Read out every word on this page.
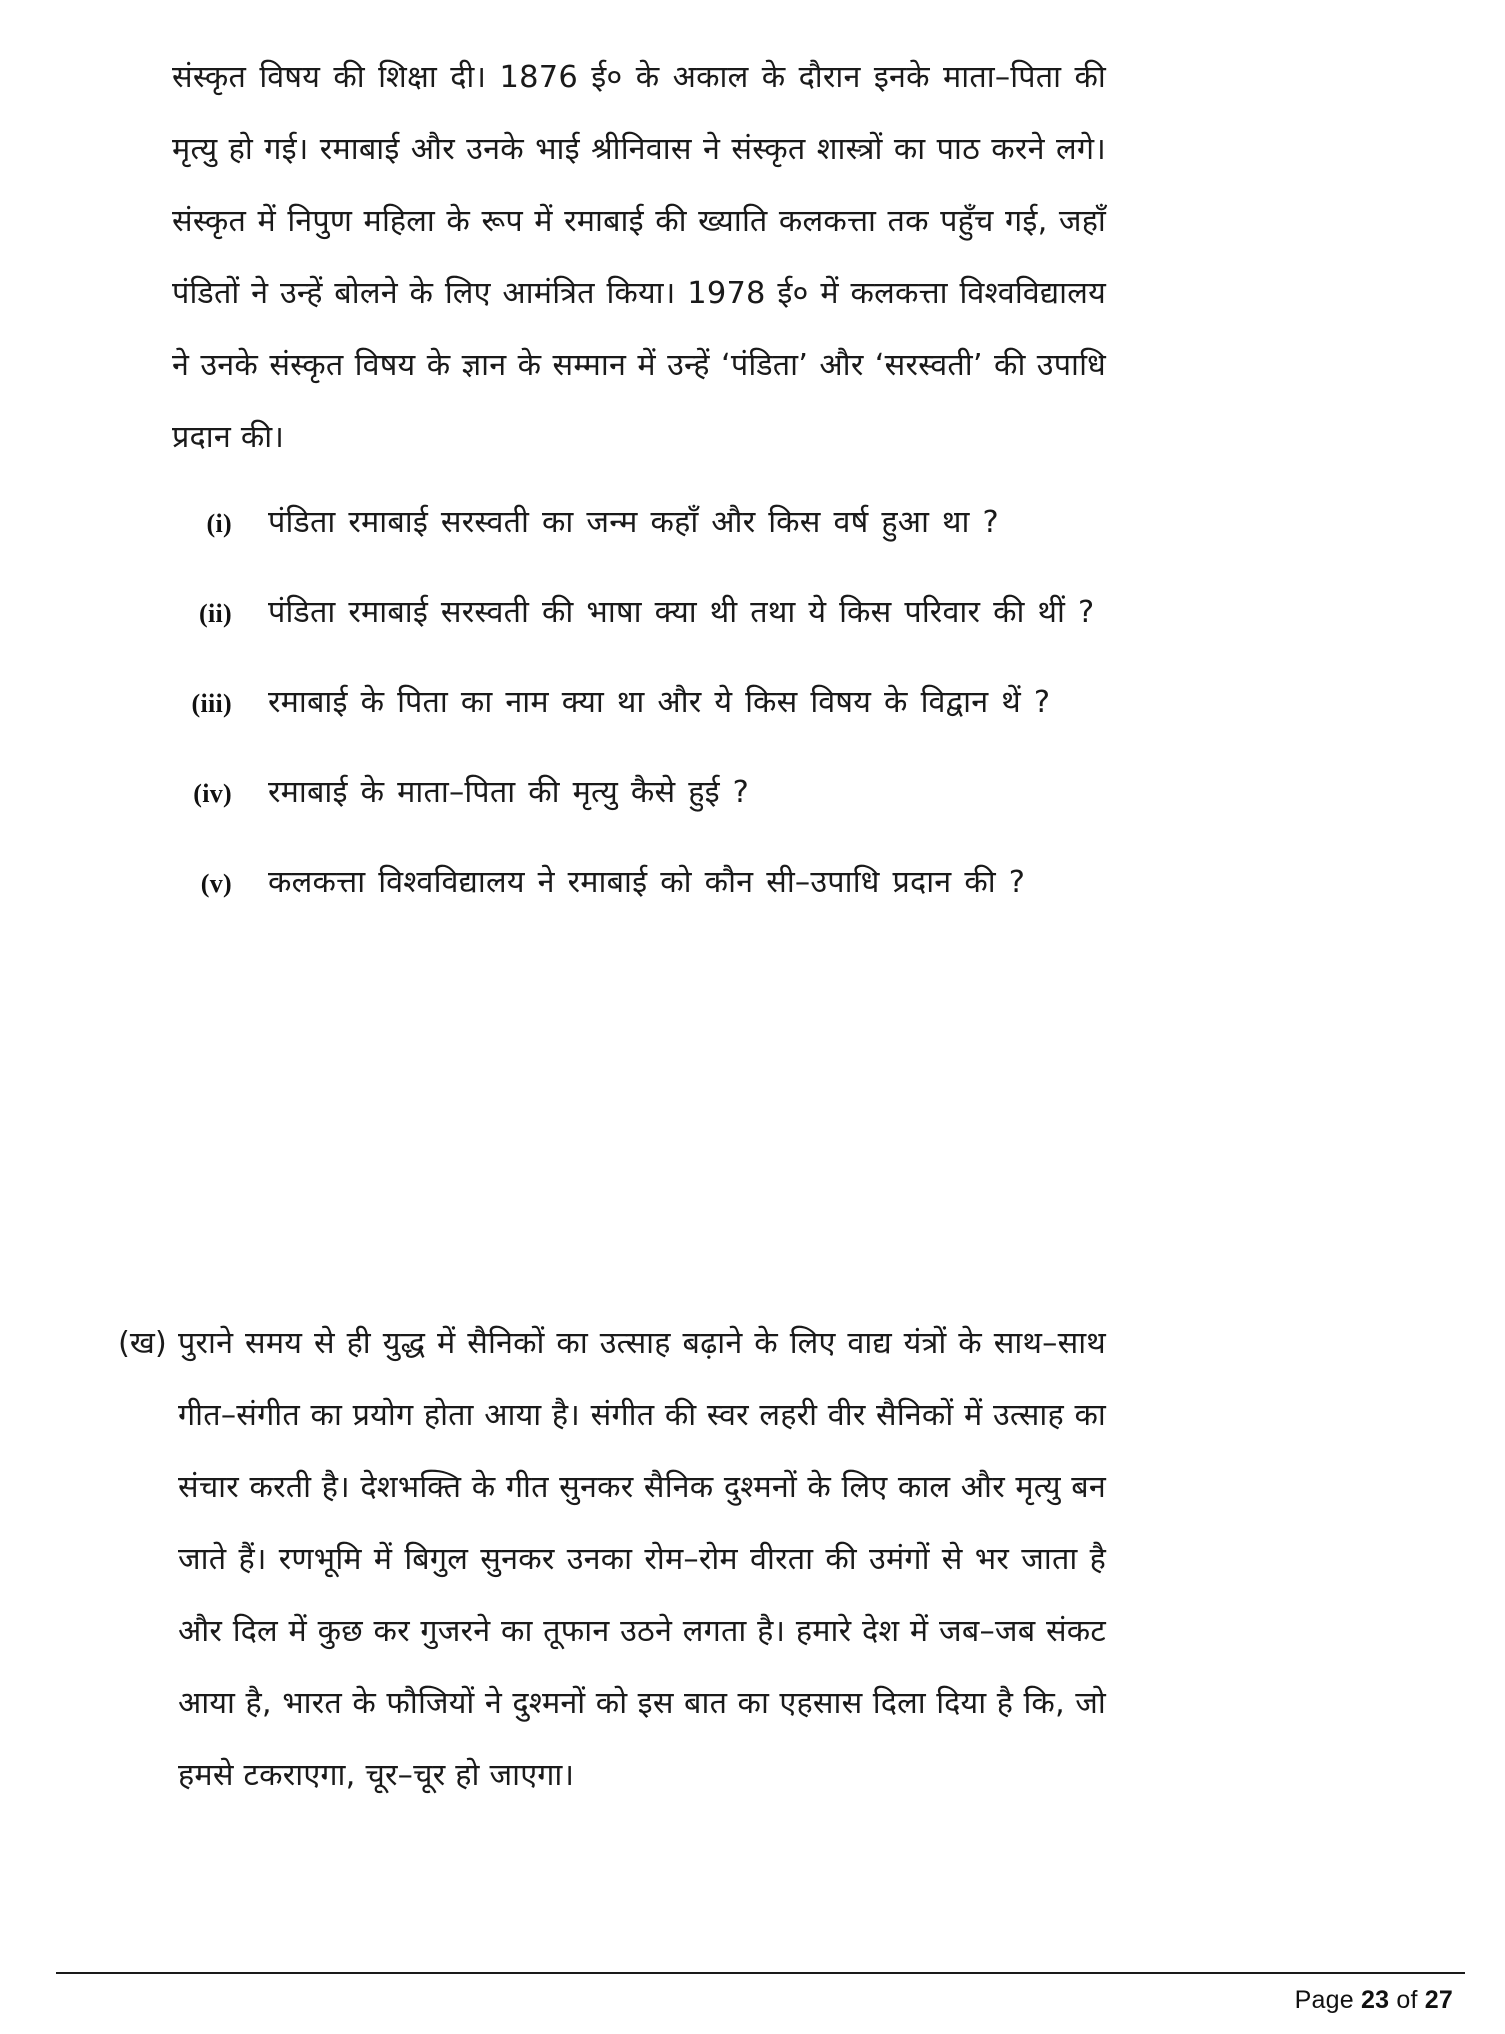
संस्कृत विषय की शिक्षा दी। 1876 ई० के अकाल के दौरान इनके माता–पिता की मृत्यु हो गई। रमाबाई और उनके भाई श्रीनिवास ने संस्कृत शास्त्रों का पाठ करने लगे। संस्कृत में निपुण महिला के रूप में रमाबाई की ख्याति कलकत्ता तक पहुँच गई, जहाँ पंडितों ने उन्हें बोलने के लिए आमंत्रित किया। 1978 ई० में कलकत्ता विश्वविद्यालय ने उनके संस्कृत विषय के ज्ञान के सम्मान में उन्हें ‘पंडिता’ और ‘सरस्वती’ की उपाधि प्रदान की।

(i)	पंडिता रमाबाई सरस्वती का जन्म कहाँ और किस वर्ष हुआ था ?
(ii)	पंडिता रमाबाई सरस्वती की भाषा क्या थी तथा ये किस परिवार की थीं ?
(iii)	रमाबाई के पिता का नाम क्या था और ये किस विषय के विद्वान थें ?
(iv)	रमाबाई के माता–पिता की मृत्यु कैसे हुई ?
(v)	कलकत्ता विश्वविद्यालय ने रमाबाई को कौन सी–उपाधि प्रदान की ?
(ख) पुराने समय से ही युद्ध में सैनिकों का उत्साह बढ़ाने के लिए वाद्य यंत्रों के साथ–साथ गीत–संगीत का प्रयोग होता आया है। संगीत की स्वर लहरी वीर सैनिकों में उत्साह का संचार करती है। देशभक्ति के गीत सुनकर सैनिक दुश्मनों के लिए काल और मृत्यु बन जाते हैं। रणभूमि में बिगुल सुनकर उनका रोम–रोम वीरता की उमंगों से भर जाता है और दिल में कुछ कर गुजरने का तूफान उठने लगता है। हमारे देश में जब–जब संकट आया है, भारत के फौजियों ने दुश्मनों को इस बात का एहसास दिला दिया है कि, जो हमसे टकराएगा, चूर–चूर हो जाएगा।

Page 23 of 27
